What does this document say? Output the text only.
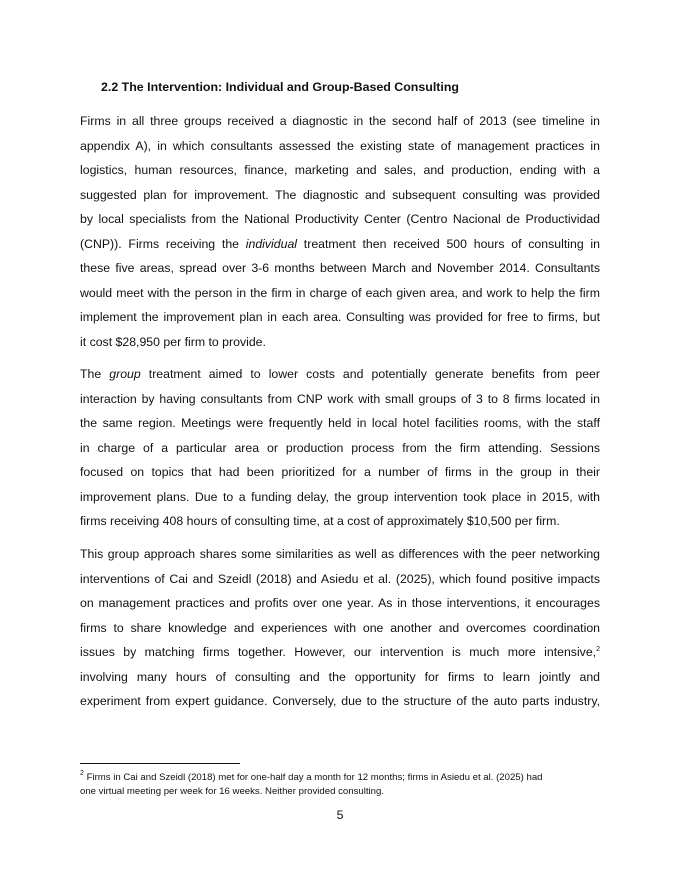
2.2 The Intervention: Individual and Group-Based Consulting

Firms in all three groups received a diagnostic in the second half of 2013 (see timeline in
appendix A), in which consultants assessed the existing state of management practices in
logistics, human resources, finance, marketing and sales, and production, ending with a
suggested plan for improvement. The diagnostic and subsequent consulting was provided
by local specialists from the National Productivity Center (Centro Nacional de Productividad
(CNP)). Firms receiving the individual treatment then received 500 hours of consulting in
these five areas, spread over 3-6 months between March and November 2014. Consultants
would meet with the person in the firm in charge of each given area, and work to help the firm
implement the improvement plan in each area. Consulting was provided for free to firms, but
it cost $28,950 per firm to provide.

The group treatment aimed to lower costs and potentially generate benefits from peer
interaction by having consultants from CNP work with small groups of 3 to 8 firms located in
the same region. Meetings were frequently held in local hotel facilities rooms, with the staff
in charge of a particular area or production process from the firm attending. Sessions
focused on topics that had been prioritized for a number of firms in the group in their
improvement plans. Due to a funding delay, the group intervention took place in 2015, with
firms receiving 408 hours of consulting time, at a cost of approximately $10,500 per firm.

This group approach shares some similarities as well as differences with the peer networking
interventions of Cai and Szeidl (2018) and Asiedu et al. (2025), which found positive impacts
on management practices and profits over one year. As in those interventions, it encourages
firms to share knowledge and experiences with one another and overcomes coordination
issues by matching firms together. However, our intervention is much more intensive,$^2$
involving many hours of consulting and the opportunity for firms to learn jointly and
experiment from expert guidance. Conversely, due to the structure of the auto parts industry,

$^2$ Firms in Cai and Szeidl (2018) met for one-half day a month for 12 months; firms in Asiedu et al. (2025) had
one virtual meeting per week for 16 weeks. Neither provided consulting.

5
